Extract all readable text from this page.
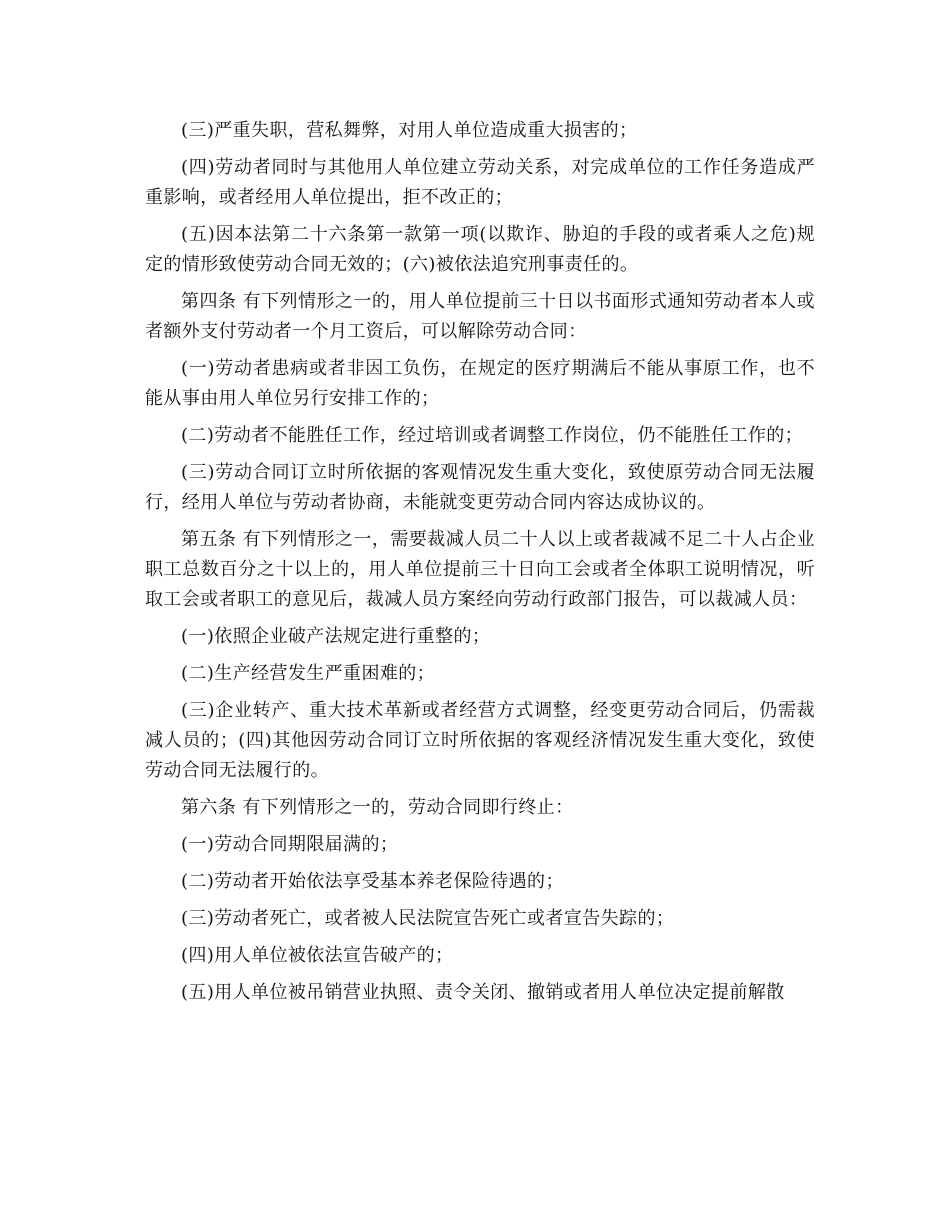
(三)严重失职，营私舞弊，对用人单位造成重大损害的；

(四)劳动者同时与其他用人单位建立劳动关系，对完成单位的工作任务造成严重影响，或者经用人单位提出，拒不改正的；

(五)因本法第二十六条第一款第一项(以欺诈、胁迫的手段的或者乘人之危)规定的情形致使劳动合同无效的；(六)被依法追究刑事责任的。

第四条 有下列情形之一的，用人单位提前三十日以书面形式通知劳动者本人或者额外支付劳动者一个月工资后，可以解除劳动合同：

(一)劳动者患病或者非因工负伤，在规定的医疗期满后不能从事原工作，也不能从事由用人单位另行安排工作的；

(二)劳动者不能胜任工作，经过培训或者调整工作岗位，仍不能胜任工作的；

(三)劳动合同订立时所依据的客观情况发生重大变化，致使原劳动合同无法履行，经用人单位与劳动者协商，未能就变更劳动合同内容达成协议的。

第五条 有下列情形之一，需要裁减人员二十人以上或者裁减不足二十人占企业职工总数百分之十以上的，用人单位提前三十日向工会或者全体职工说明情况，听取工会或者职工的意见后，裁减人员方案经向劳动行政部门报告，可以裁减人员：

(一)依照企业破产法规定进行重整的；

(二)生产经营发生严重困难的；

(三)企业转产、重大技术革新或者经营方式调整，经变更劳动合同后，仍需裁减人员的；(四)其他因劳动合同订立时所依据的客观经济情况发生重大变化，致使劳动合同无法履行的。

第六条 有下列情形之一的，劳动合同即行终止：

(一)劳动合同期限届满的；

(二)劳动者开始依法享受基本养老保险待遇的；

(三)劳动者死亡，或者被人民法院宣告死亡或者宣告失踪的；

(四)用人单位被依法宣告破产的；

(五)用人单位被吊销营业执照、责令关闭、撤销或者用人单位决定提前解散
